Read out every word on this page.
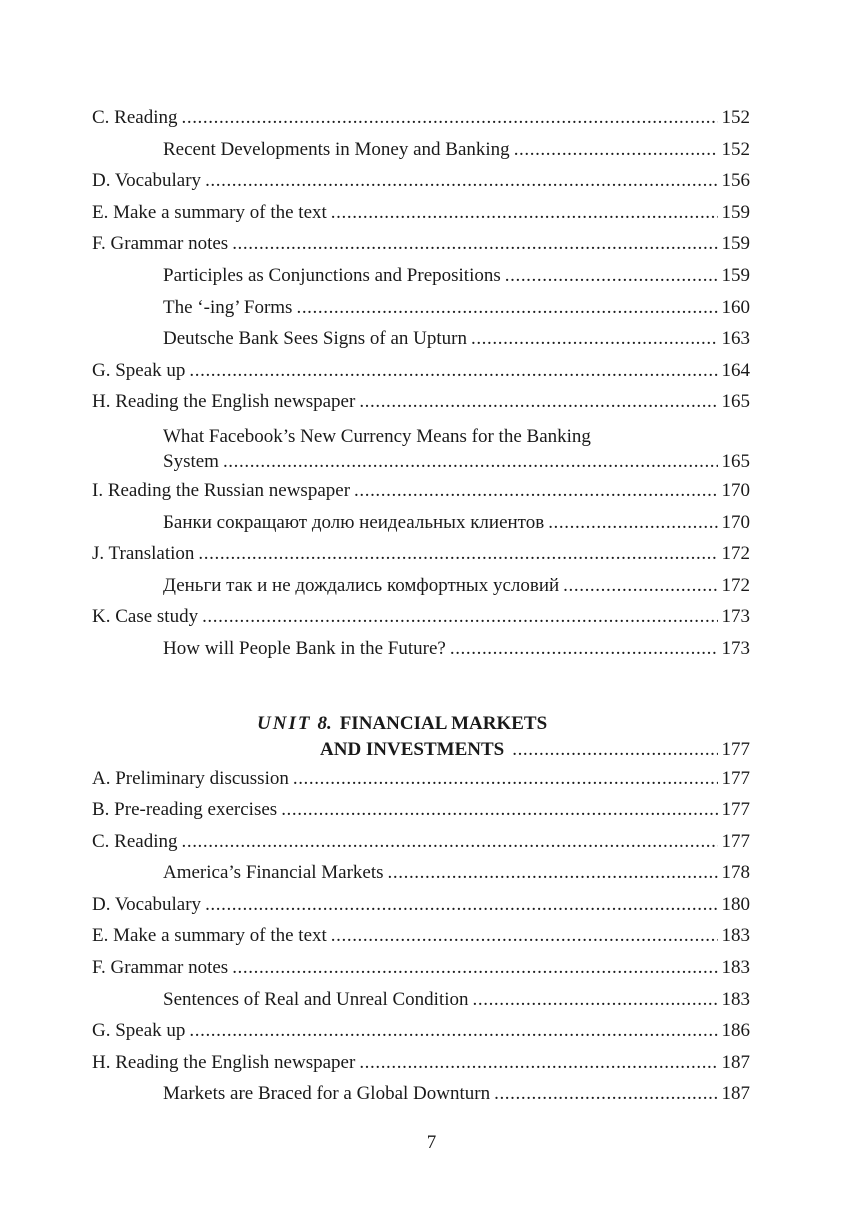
C. Reading .....	152
Recent Developments in Money and Banking .....	152
D. Vocabulary .....	156
E. Make a summary of the text .....	159
F. Grammar notes .....	159
Participles as Conjunctions and Prepositions .....	159
The ‘-ing’ Forms .....	160
Deutsche Bank Sees Signs of an Upturn .....	163
G. Speak up .....	164
H. Reading the English newspaper .....	165
What Facebook’s New Currency Means for the Banking
System .....	165
I. Reading the Russian newspaper .....	170
Банки сокращают долю неидеальных клиентов .....	170
J. Translation .....	172
Деньги так и не дождались комфортных условий .....	172
K. Case study .....	173
How will People Bank in the Future? .....	173
UNIT 8. FINANCIAL MARKETS
AND INVESTMENTS .....	177
A. Preliminary discussion .....	177
B. Pre-reading exercises .....	177
C. Reading .....	177
America’s Financial Markets .....	178
D. Vocabulary .....	180
E. Make a summary of the text .....	183
F. Grammar notes .....	183
Sentences of Real and Unreal Condition .....	183
G. Speak up .....	186
H. Reading the English newspaper .....	187
Markets are Braced for a Global Downturn .....	187
7
